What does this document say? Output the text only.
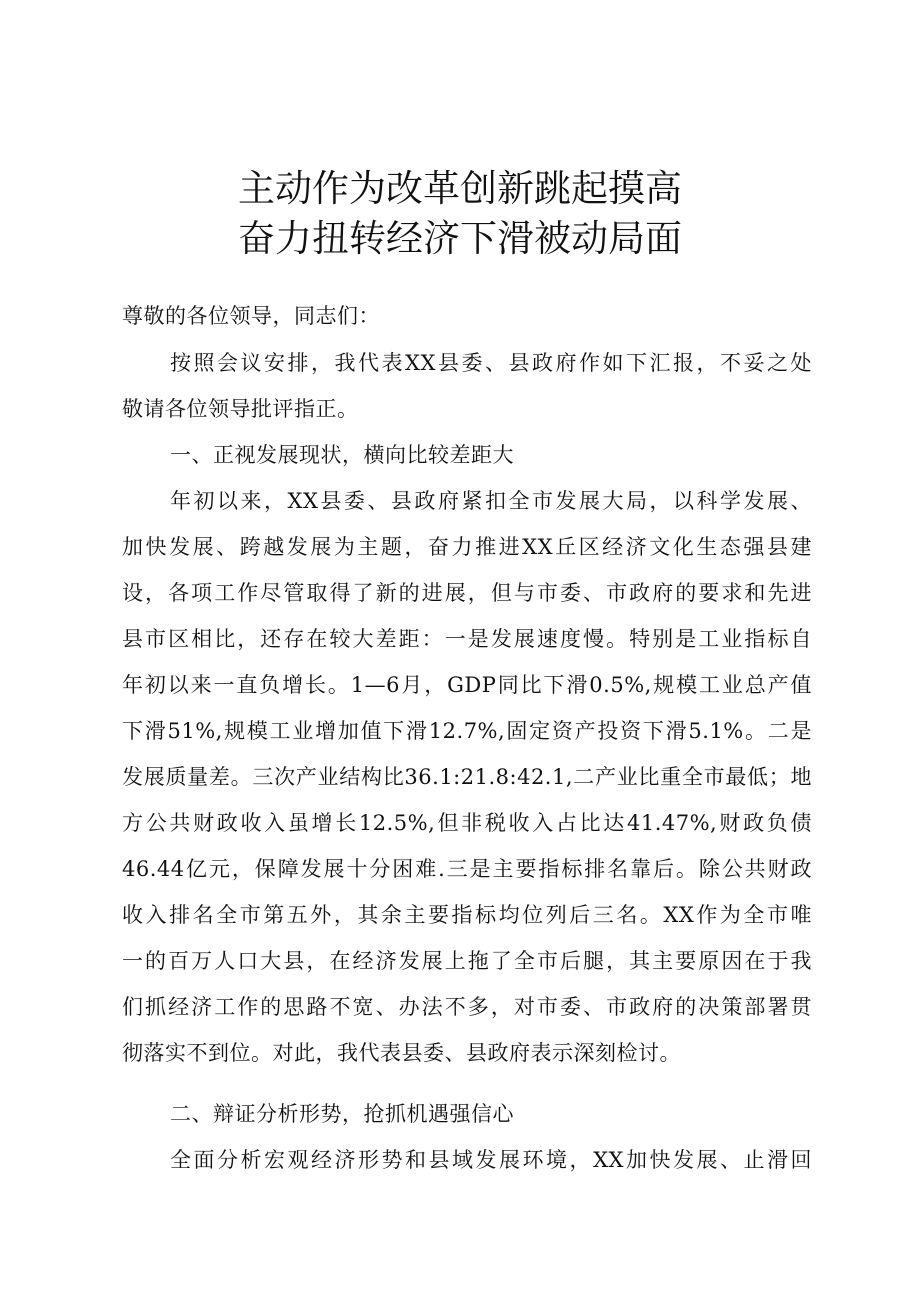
主动作为改革创新跳起摸高
奋力扭转经济下滑被动局面
尊敬的各位领导，同志们：
按照会议安排，我代表XX县委、县政府作如下汇报，不妥之处
敬请各位领导批评指正。
一、正视发展现状，横向比较差距大
年初以来，XX县委、县政府紧扣全市发展大局，以科学发展、
加快发展、跨越发展为主题，奋力推进XX丘区经济文化生态强县建
设，各项工作尽管取得了新的进展，但与市委、市政府的要求和先进
县市区相比，还存在较大差距：一是发展速度慢。特别是工业指标自
年初以来一直负增长。1—6月，GDP同比下滑0.5%,规模工业总产值
下滑51%,规模工业增加值下滑12.7%,固定资产投资下滑5.1%。二是
发展质量差。三次产业结构比36.1:21.8:42.1,二产业比重全市最低；地
方公共财政收入虽增长12.5%,但非税收入占比达41.47%,财政负债
46.44亿元，保障发展十分困难.三是主要指标排名靠后。除公共财政
收入排名全市第五外，其余主要指标均位列后三名。XX作为全市唯
一的百万人口大县，在经济发展上拖了全市后腿，其主要原因在于我
们抓经济工作的思路不宽、办法不多，对市委、市政府的决策部署贯
彻落实不到位。对此，我代表县委、县政府表示深刻检讨。
二、辩证分析形势，抢抓机遇强信心
全面分析宏观经济形势和县域发展环境，XX加快发展、止滑回
